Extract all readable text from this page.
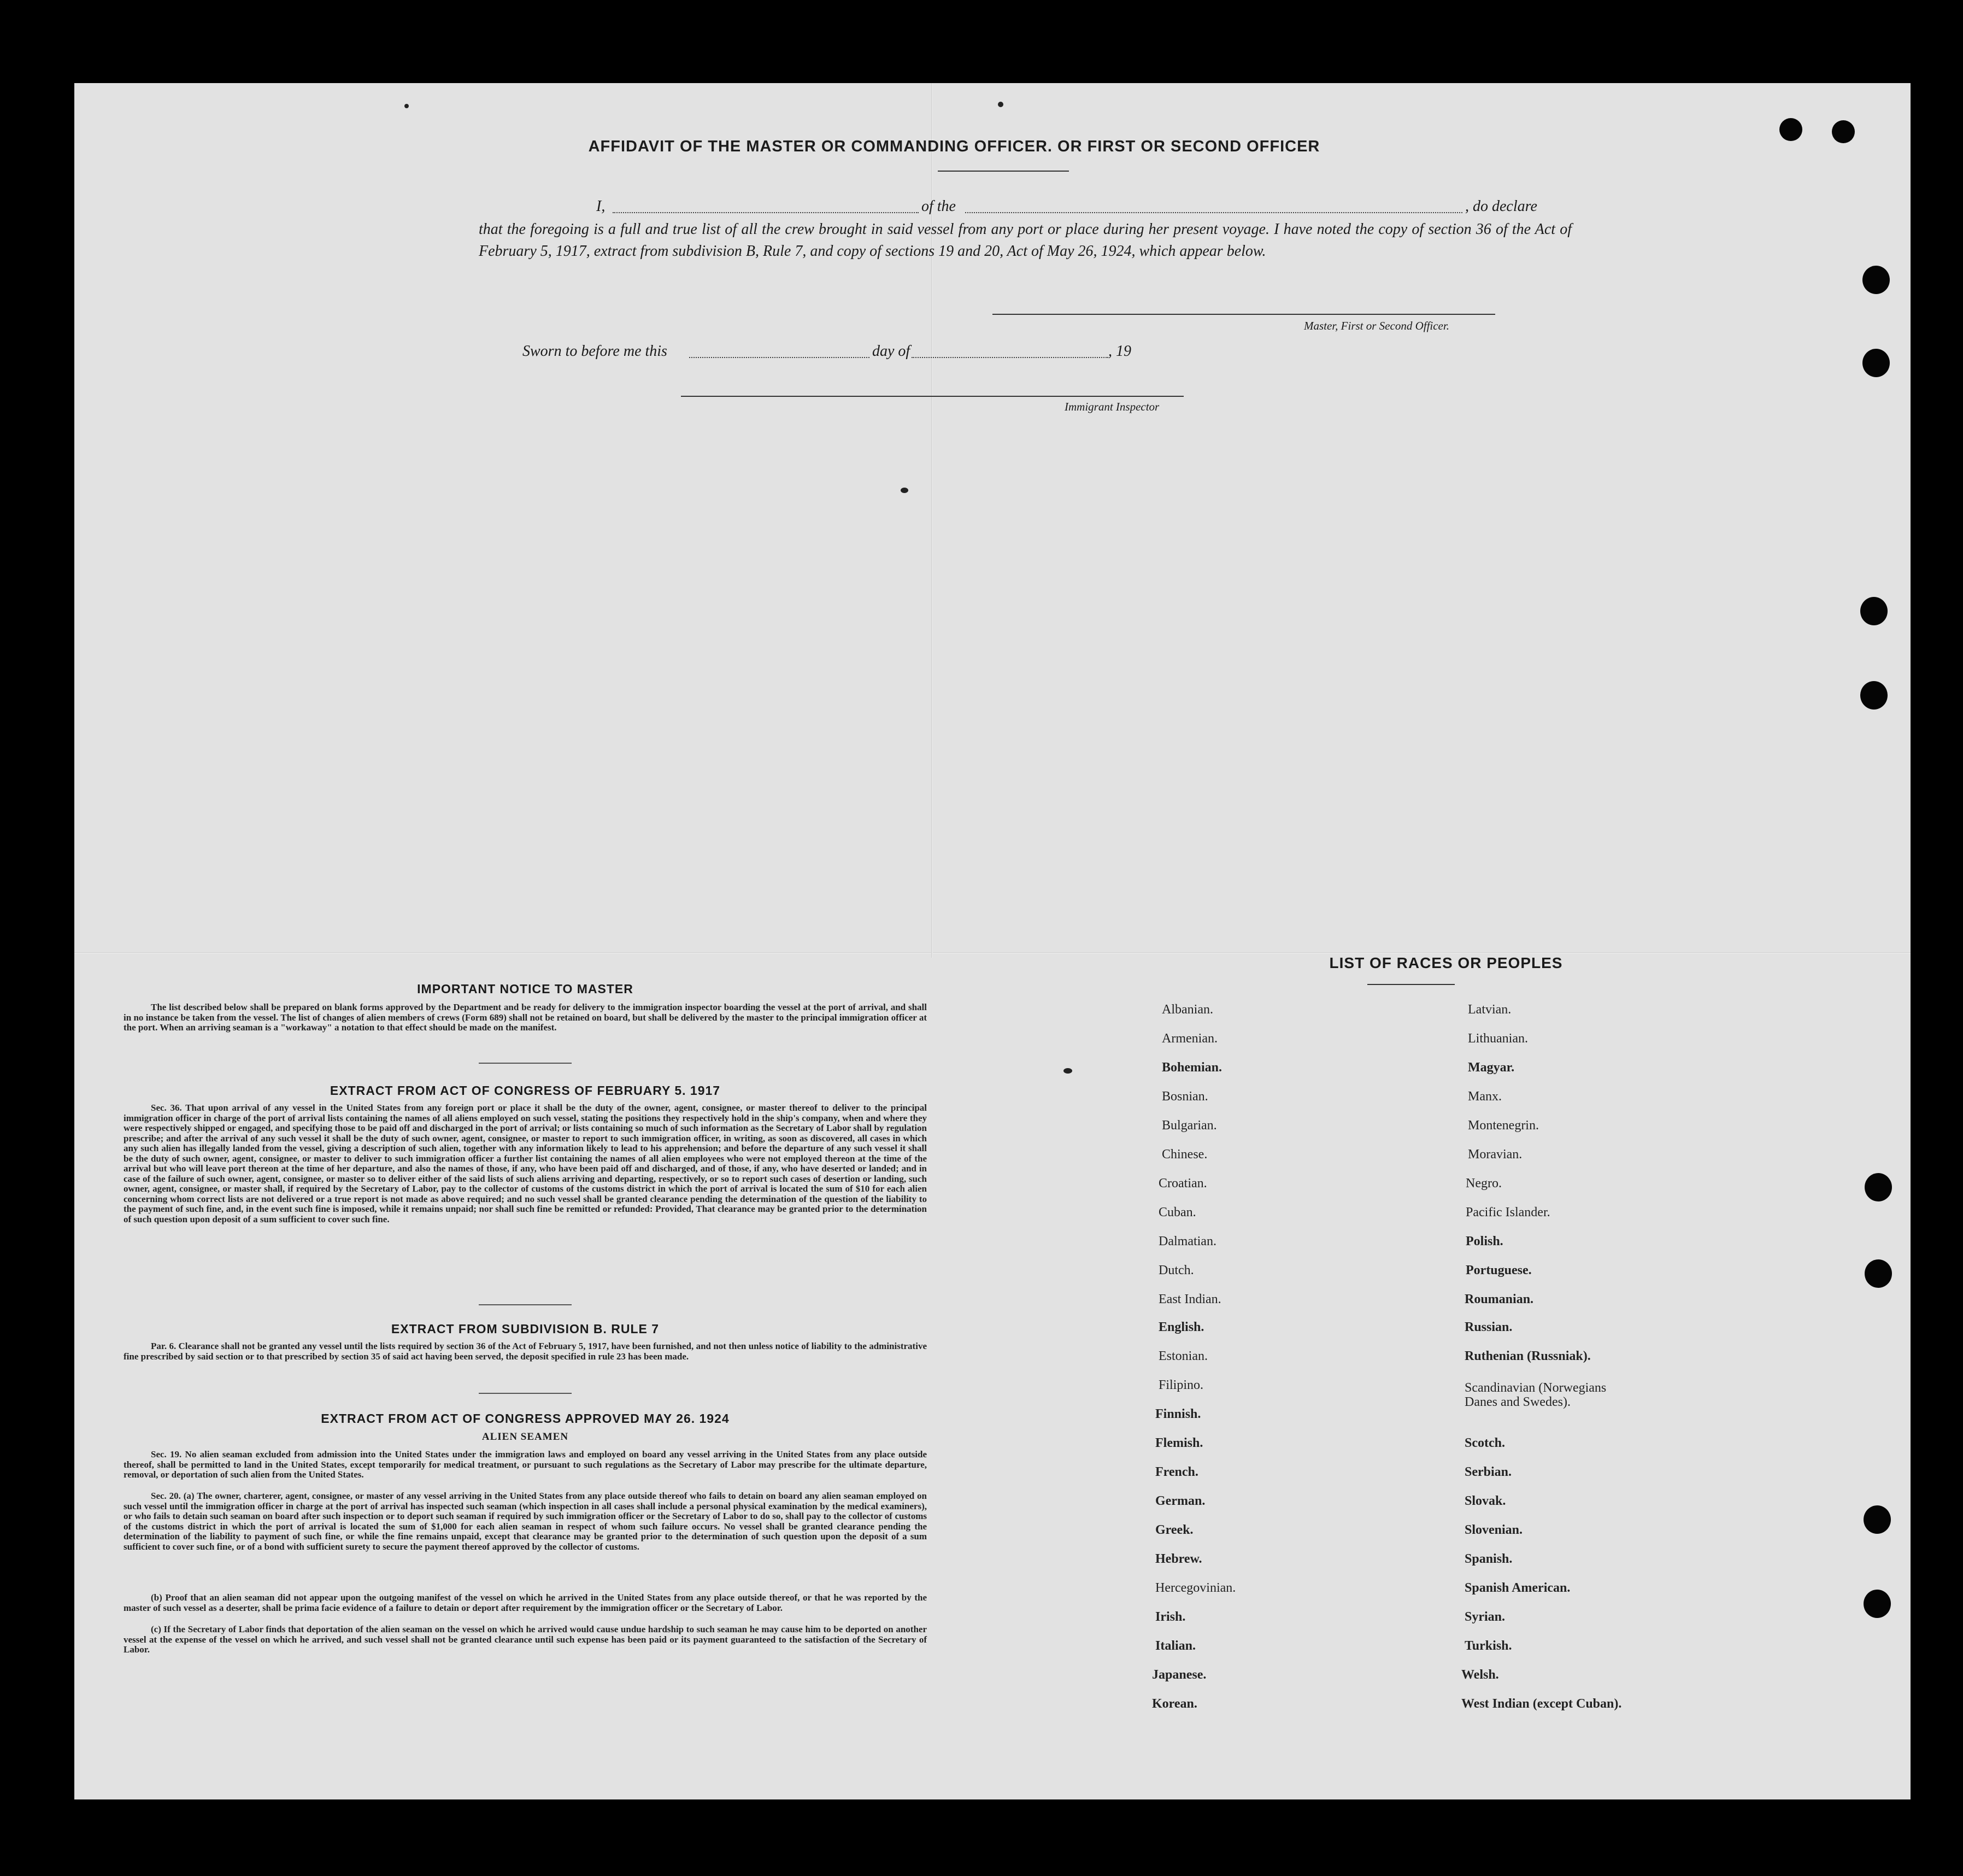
AFFIDAVIT OF THE MASTER OR COMMANDING OFFICER. OR FIRST OR SECOND OFFICER
I,	of the	, do declare
that the foregoing is a full and true list of all the crew brought in said vessel from any port or place during her present voyage. I have noted the copy of section 36 of the Act of February 5, 1917, extract from subdivision B, Rule 7, and copy of sections 19 and 20, Act of May 26, 1924, which appear below.
Master, First or Second Officer.
Sworn to before me this	day of	, 19
Immigrant Inspector
IMPORTANT NOTICE TO MASTER
The list described below shall be prepared on blank forms approved by the Department and be ready for delivery to the immigration inspector boarding the vessel at the port of arrival, and shall in no instance be taken from the vessel. The list of changes of alien members of crews (Form 689) shall not be retained on board, but shall be delivered by the master to the principal immigration officer at the port. When an arriving seaman is a "workaway" a notation to that effect should be made on the manifest.
EXTRACT FROM ACT OF CONGRESS OF FEBRUARY 5. 1917
Sec. 36. That upon arrival of any vessel in the United States from any foreign port or place it shall be the duty of the owner, agent, consignee, or master thereof to deliver to the principal immigration officer in charge of the port of arrival lists containing the names of all aliens employed on such vessel, stating the positions they respectively hold in the ship's company, when and where they were respectively shipped or engaged, and specifying those to be paid off and discharged in the port of arrival; or lists containing so much of such information as the Secretary of Labor shall by regulation prescribe; and after the arrival of any such vessel it shall be the duty of such owner, agent, consignee, or master to report to such immigration officer, in writing, as soon as discovered, all cases in which any such alien has illegally landed from the vessel, giving a description of such alien, together with any information likely to lead to his apprehension; and before the departure of any such vessel it shall be the duty of such owner, agent, consignee, or master to deliver to such immigration officer a further list containing the names of all alien employees who were not employed thereon at the time of the arrival but who will leave port thereon at the time of her departure, and also the names of those, if any, who have been paid off and discharged, and of those, if any, who have deserted or landed; and in case of the failure of such owner, agent, consignee, or master so to deliver either of the said lists of such aliens arriving and departing, respectively, or so to report such cases of desertion or landing, such owner, agent, consignee, or master shall, if required by the Secretary of Labor, pay to the collector of customs of the customs district in which the port of arrival is located the sum of $10 for each alien concerning whom correct lists are not delivered or a true report is not made as above required; and no such vessel shall be granted clearance pending the determination of the question of the liability to the payment of such fine, and, in the event such fine is imposed, while it remains unpaid; nor shall such fine be remitted or refunded: Provided, That clearance may be granted prior to the determination of such question upon deposit of a sum sufficient to cover such fine.
EXTRACT FROM SUBDIVISION B. RULE 7
Par. 6. Clearance shall not be granted any vessel until the lists required by section 36 of the Act of February 5, 1917, have been furnished, and not then unless notice of liability to the administrative fine prescribed by said section or to that prescribed by section 35 of said act having been served, the deposit specified in rule 23 has been made.
EXTRACT FROM ACT OF CONGRESS APPROVED MAY 26. 1924
ALIEN SEAMEN
Sec. 19. No alien seaman excluded from admission into the United States under the immigration laws and employed on board any vessel arriving in the United States from any place outside thereof, shall be permitted to land in the United States, except temporarily for medical treatment, or pursuant to such regulations as the Secretary of Labor may prescribe for the ultimate departure, removal, or deportation of such alien from the United States.
Sec. 20. (a) The owner, charterer, agent, consignee, or master of any vessel arriving in the United States from any place outside thereof who fails to detain on board any alien seaman employed on such vessel until the immigration officer in charge at the port of arrival has inspected such seaman (which inspection in all cases shall include a personal physical examination by the medical examiners), or who fails to detain such seaman on board after such inspection or to deport such seaman if required by such immigration officer or the Secretary of Labor to do so, shall pay to the collector of customs of the customs district in which the port of arrival is located the sum of $1,000 for each alien seaman in respect of whom such failure occurs. No vessel shall be granted clearance pending the determination of the liability to payment of such fine, or while the fine remains unpaid, except that clearance may be granted prior to the determination of such question upon the deposit of a sum sufficient to cover such fine, or of a bond with sufficient surety to secure the payment thereof approved by the collector of customs.
(b) Proof that an alien seaman did not appear upon the outgoing manifest of the vessel on which he arrived in the United States from any place outside thereof, or that he was reported by the master of such vessel as a deserter, shall be prima facie evidence of a failure to detain or deport after requirement by the immigration officer or the Secretary of Labor.
(c) If the Secretary of Labor finds that deportation of the alien seaman on the vessel on which he arrived would cause undue hardship to such seaman he may cause him to be deported on another vessel at the expense of the vessel on which he arrived, and such vessel shall not be granted clearance until such expense has been paid or its payment guaranteed to the satisfaction of the Secretary of Labor.
LIST OF RACES OR PEOPLES
Albanian.
Armenian.
Bohemian.
Bosnian.
Bulgarian.
Chinese.
Croatian.
Cuban.
Dalmatian.
Dutch.
East Indian.
English.
Estonian.
Filipino.
Finnish.
Flemish.
French.
German.
Greek.
Hebrew.
Hercegovinian.
Irish.
Italian.
Japanese.
Korean.
Latvian.
Lithuanian.
Magyar.
Manx.
Montenegrin.
Moravian.
Negro.
Pacific Islander.
Polish.
Portuguese.
Roumanian.
Russian.
Ruthenian (Russniak).
Scandinavian (Norwegians
Danes and Swedes).
Scotch.
Serbian.
Slovak.
Slovenian.
Spanish.
Spanish American.
Syrian.
Turkish.
Welsh.
West Indian (except Cuban).
